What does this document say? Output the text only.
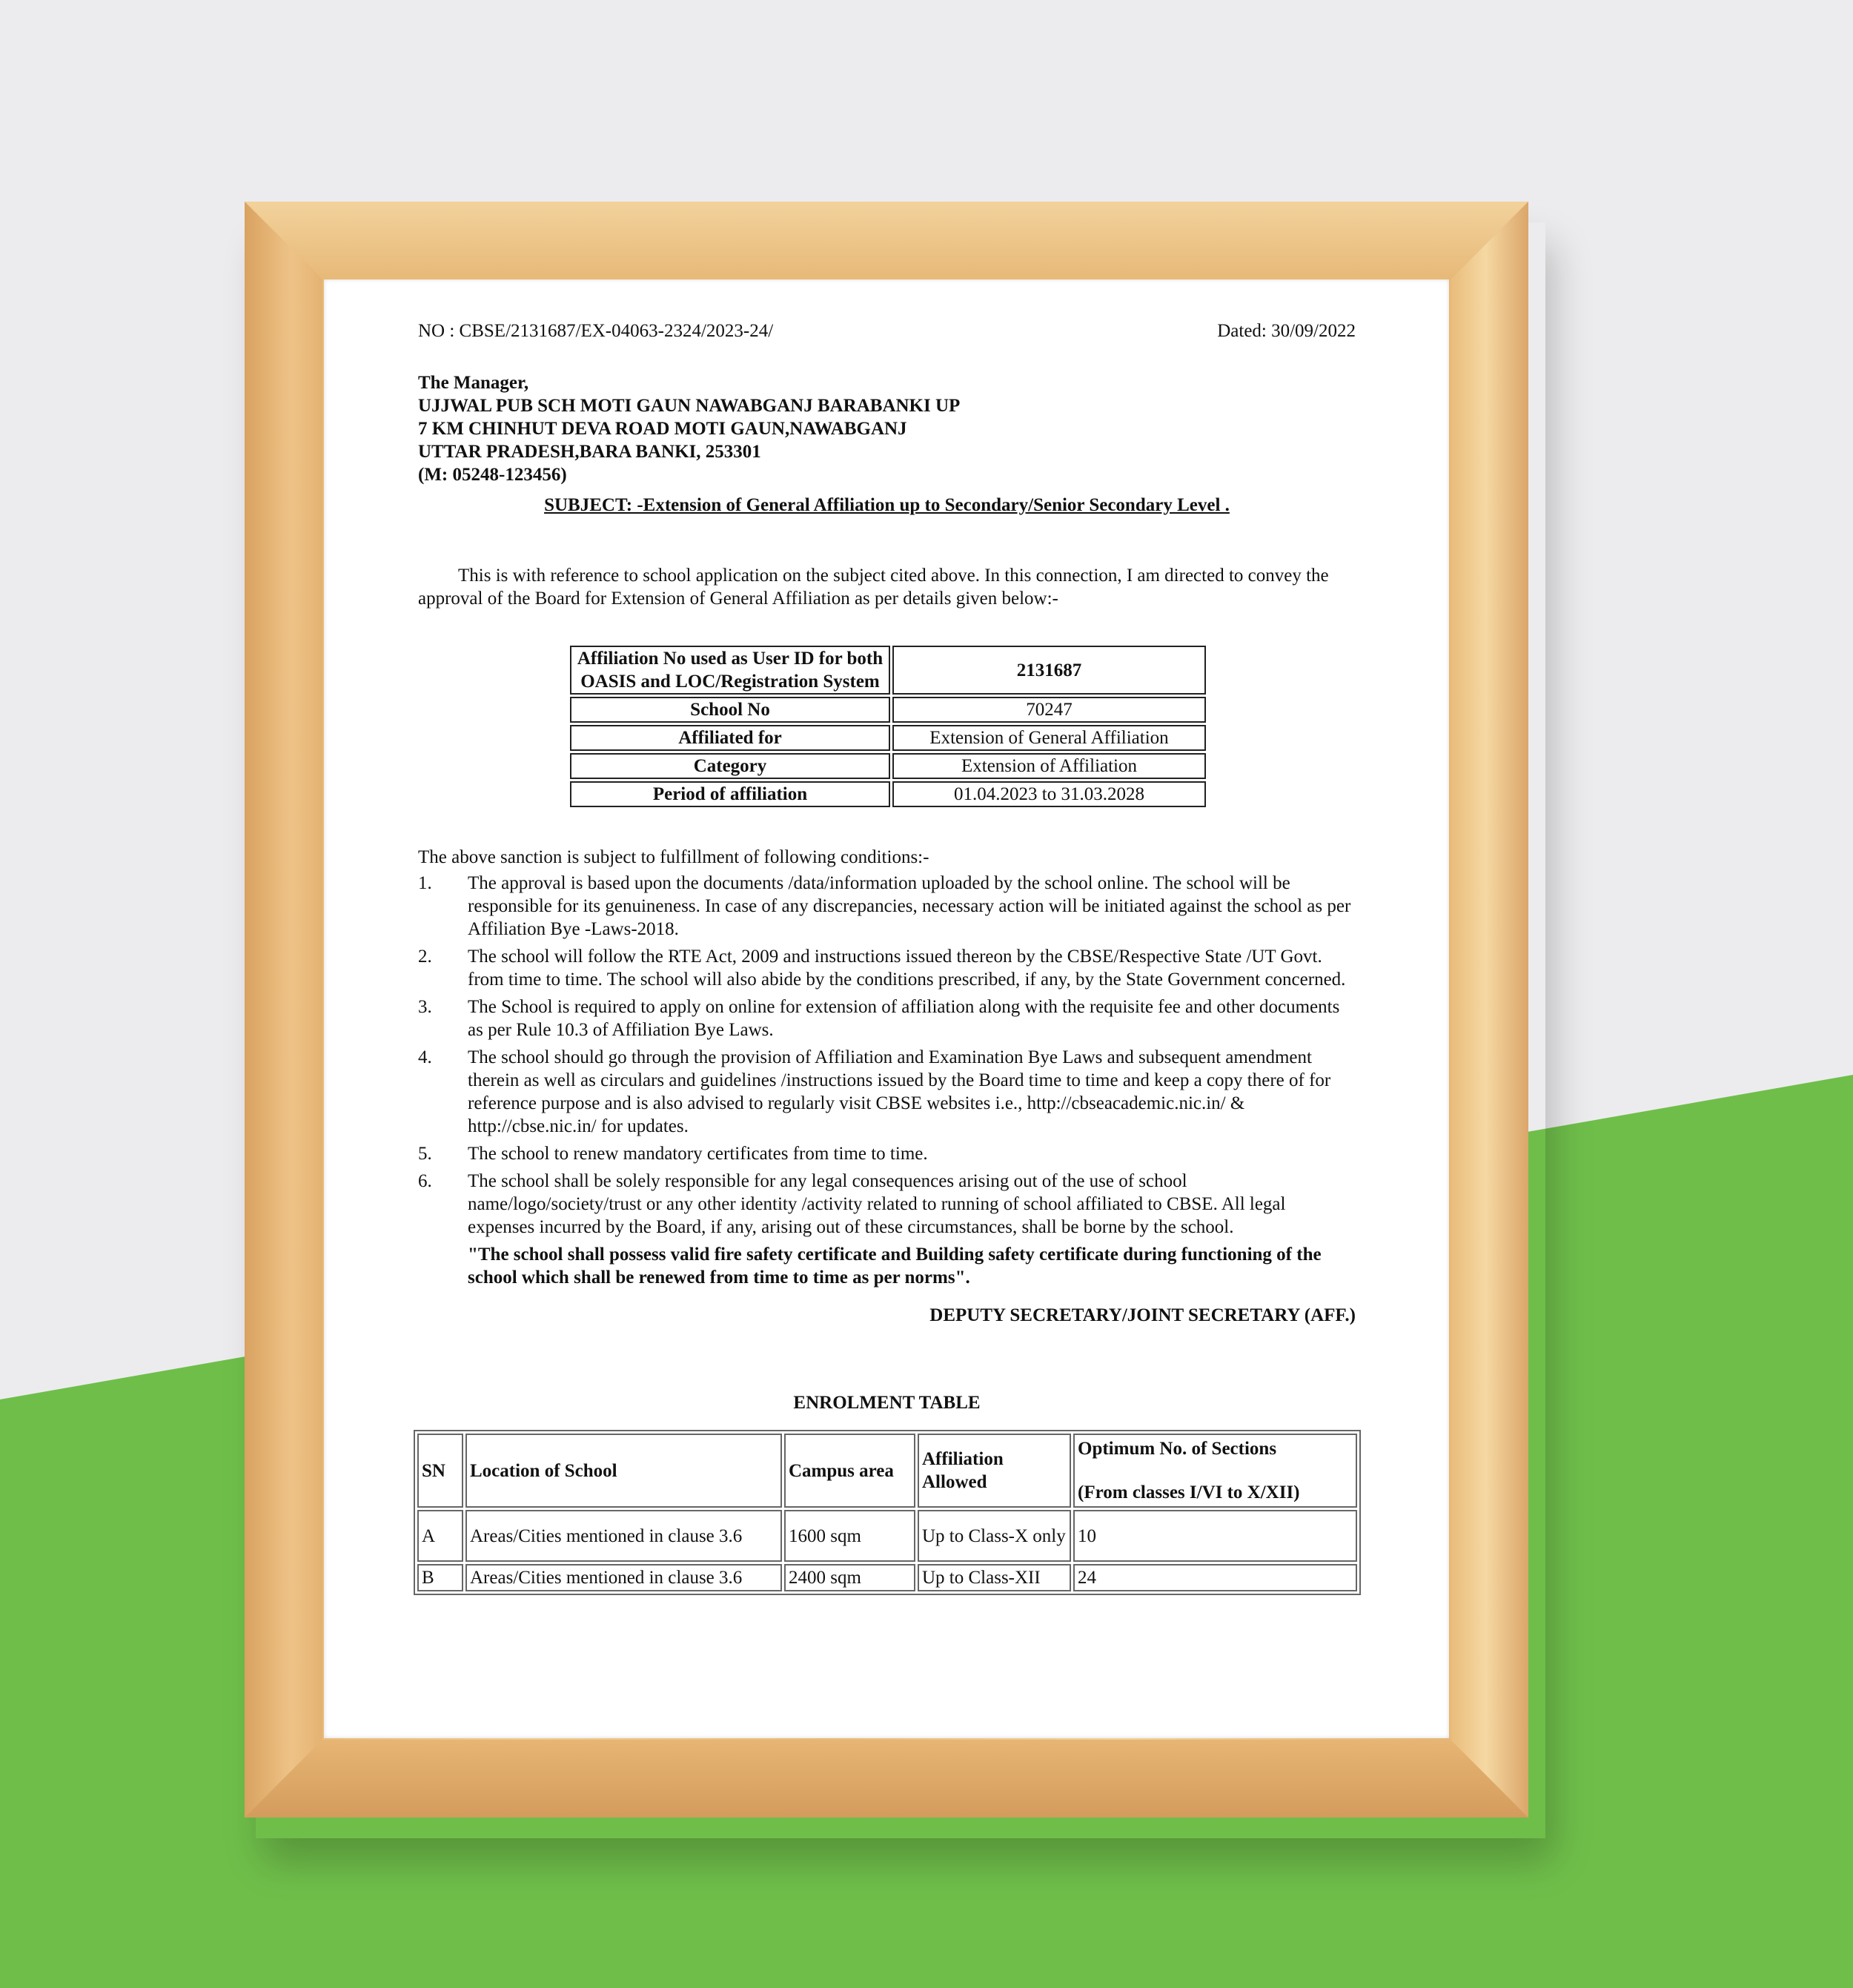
NO : CBSE/2131687/EX-04063-2324/2023-24/	Dated: 30/09/2022
The Manager,
UJJWAL PUB SCH MOTI GAUN NAWABGANJ BARABANKI UP
7 KM CHINHUT DEVA ROAD MOTI GAUN,NAWABGANJ
UTTAR PRADESH,BARA BANKI, 253301
(M: 05248-123456)
SUBJECT: -Extension of General Affiliation up to Secondary/Senior Secondary Level .
This is with reference to school application on the subject cited above. In this connection, I am directed to convey the approval of the Board for Extension of General Affiliation as per details given below:-
Affiliation No used as User ID for both OASIS and LOC/Registration System	2131687
School No	70247
Affiliated for	Extension of General Affiliation
Category	Extension of Affiliation
Period of affiliation	01.04.2023 to 31.03.2028
The above sanction is subject to fulfillment of following conditions:-
1. The approval is based upon the documents /data/information uploaded by the school online. The school will be responsible for its genuineness. In case of any discrepancies, necessary action will be initiated against the school as per Affiliation Bye -Laws-2018.
2. The school will follow the RTE Act, 2009 and instructions issued thereon by the CBSE/Respective State /UT Govt. from time to time. The school will also abide by the conditions prescribed, if any, by the State Government concerned.
3. The School is required to apply on online for extension of affiliation along with the requisite fee and other documents as per Rule 10.3 of Affiliation Bye Laws.
4. The school should go through the provision of Affiliation and Examination Bye Laws and subsequent amendment therein as well as circulars and guidelines /instructions issued by the Board time to time and keep a copy there of for reference purpose and is also advised to regularly visit CBSE websites i.e., http://cbseacademic.nic.in/ & http://cbse.nic.in/ for updates.
5. The school to renew mandatory certificates from time to time.
6. The school shall be solely responsible for any legal consequences arising out of the use of school name/logo/society/trust or any other identity /activity related to running of school affiliated to CBSE. All legal expenses incurred by the Board, if any, arising out of these circumstances, shall be borne by the school.
"The school shall possess valid fire safety certificate and Building safety certificate during functioning of the school which shall be renewed from time to time as per norms".
DEPUTY SECRETARY/JOINT SECRETARY (AFF.)
ENROLMENT TABLE
SN	Location of School	Campus area	Affiliation Allowed	Optimum No. of Sections
(From classes I/VI to X/XII)

A	Areas/Cities mentioned in clause 3.6	1600 sqm	Up to Class-X only	10
B	Areas/Cities mentioned in clause 3.6	2400 sqm	Up to Class-XII	24
